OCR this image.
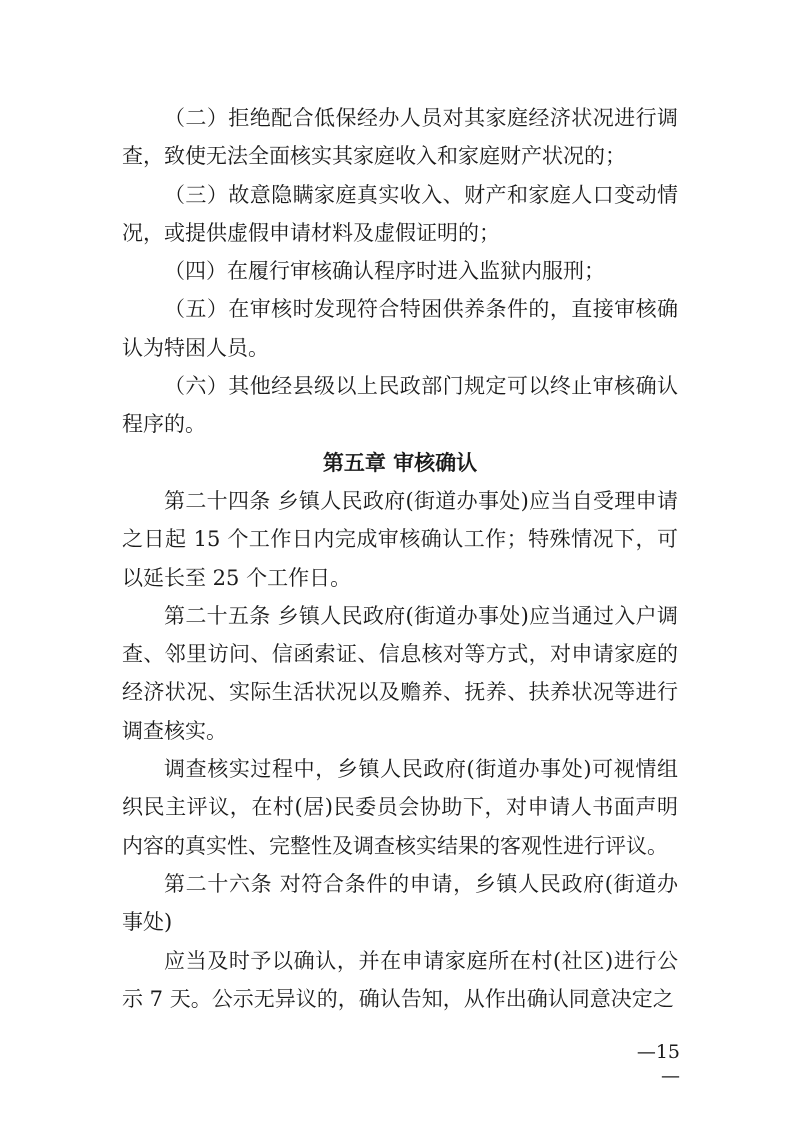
（二）拒绝配合低保经办人员对其家庭经济状况进行调查，致使无法全面核实其家庭收入和家庭财产状况的；

（三）故意隐瞒家庭真实收入、财产和家庭人口变动情况，或提供虚假申请材料及虚假证明的；

（四）在履行审核确认程序时进入监狱内服刑；

（五）在审核时发现符合特困供养条件的，直接审核确认为特困人员。

（六）其他经县级以上民政部门规定可以终止审核确认程序的。

第五章 审核确认

第二十四条 乡镇人民政府(街道办事处)应当自受理申请之日起 15 个工作日内完成审核确认工作；特殊情况下，可以延长至 25 个工作日。

第二十五条 乡镇人民政府(街道办事处)应当通过入户调查、邻里访问、信函索证、信息核对等方式，对申请家庭的经济状况、实际生活状况以及赡养、抚养、扶养状况等进行调查核实。

调查核实过程中，乡镇人民政府(街道办事处)可视情组织民主评议，在村(居)民委员会协助下，对申请人书面声明内容的真实性、完整性及调查核实结果的客观性进行评议。

第二十六条 对符合条件的申请，乡镇人民政府(街道办事处)

应当及时予以确认，并在申请家庭所在村(社区)进行公示 7 天。公示无异议的，确认告知，从作出确认同意决定之

—15—
